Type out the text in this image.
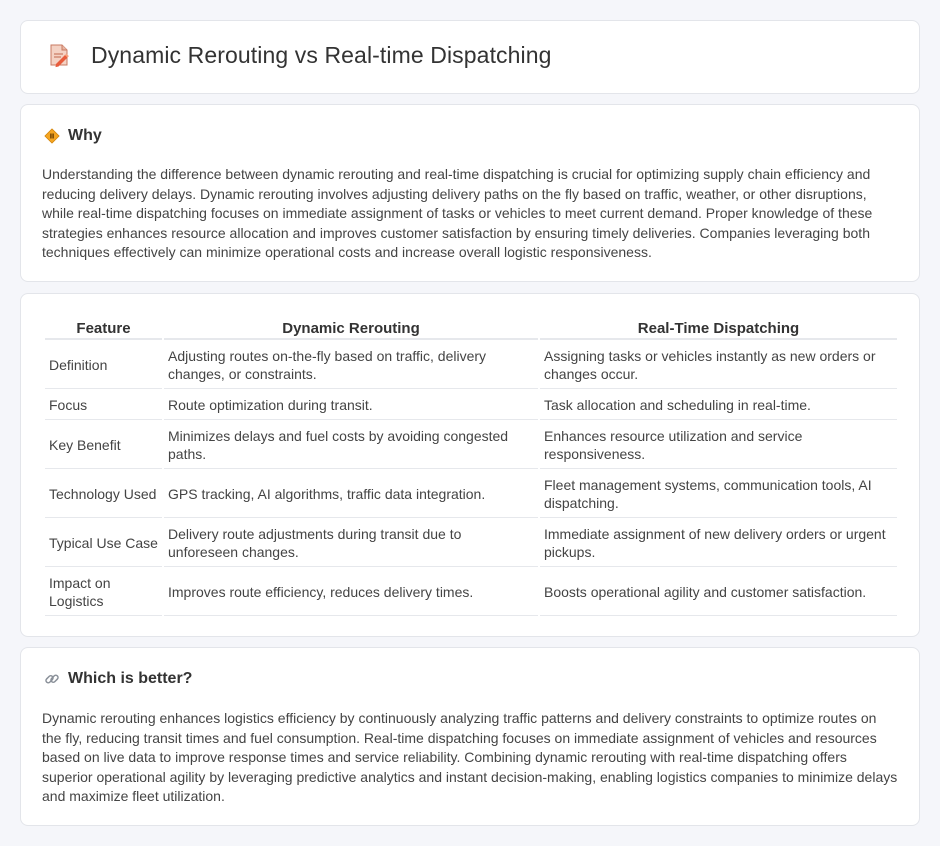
Dynamic Rerouting vs Real-time Dispatching
Why

Understanding the difference between dynamic rerouting and real-time dispatching is crucial for optimizing supply chain efficiency and reducing delivery delays. Dynamic rerouting involves adjusting delivery paths on the fly based on traffic, weather, or other disruptions, while real-time dispatching focuses on immediate assignment of tasks or vehicles to meet current demand. Proper knowledge of these strategies enhances resource allocation and improves customer satisfaction by ensuring timely deliveries. Companies leveraging both techniques effectively can minimize operational costs and increase overall logistic responsiveness.

Feature	Dynamic Rerouting	Real-Time Dispatching
Definition	Adjusting routes on-the-fly based on traffic, delivery changes, or constraints.	Assigning tasks or vehicles instantly as new orders or changes occur.
Focus	Route optimization during transit.	Task allocation and scheduling in real-time.
Key Benefit	Minimizes delays and fuel costs by avoiding congested paths.	Enhances resource utilization and service responsiveness.
Technology Used	GPS tracking, AI algorithms, traffic data integration.	Fleet management systems, communication tools, AI dispatching.
Typical Use Case	Delivery route adjustments during transit due to unforeseen changes.	Immediate assignment of new delivery orders or urgent pickups.
Impact on Logistics	Improves route efficiency, reduces delivery times.	Boosts operational agility and customer satisfaction.
Which is better?

Dynamic rerouting enhances logistics efficiency by continuously analyzing traffic patterns and delivery constraints to optimize routes on the fly, reducing transit times and fuel consumption. Real-time dispatching focuses on immediate assignment of vehicles and resources based on live data to improve response times and service reliability. Combining dynamic rerouting with real-time dispatching offers superior operational agility by leveraging predictive analytics and instant decision-making, enabling logistics companies to minimize delays and maximize fleet utilization.
